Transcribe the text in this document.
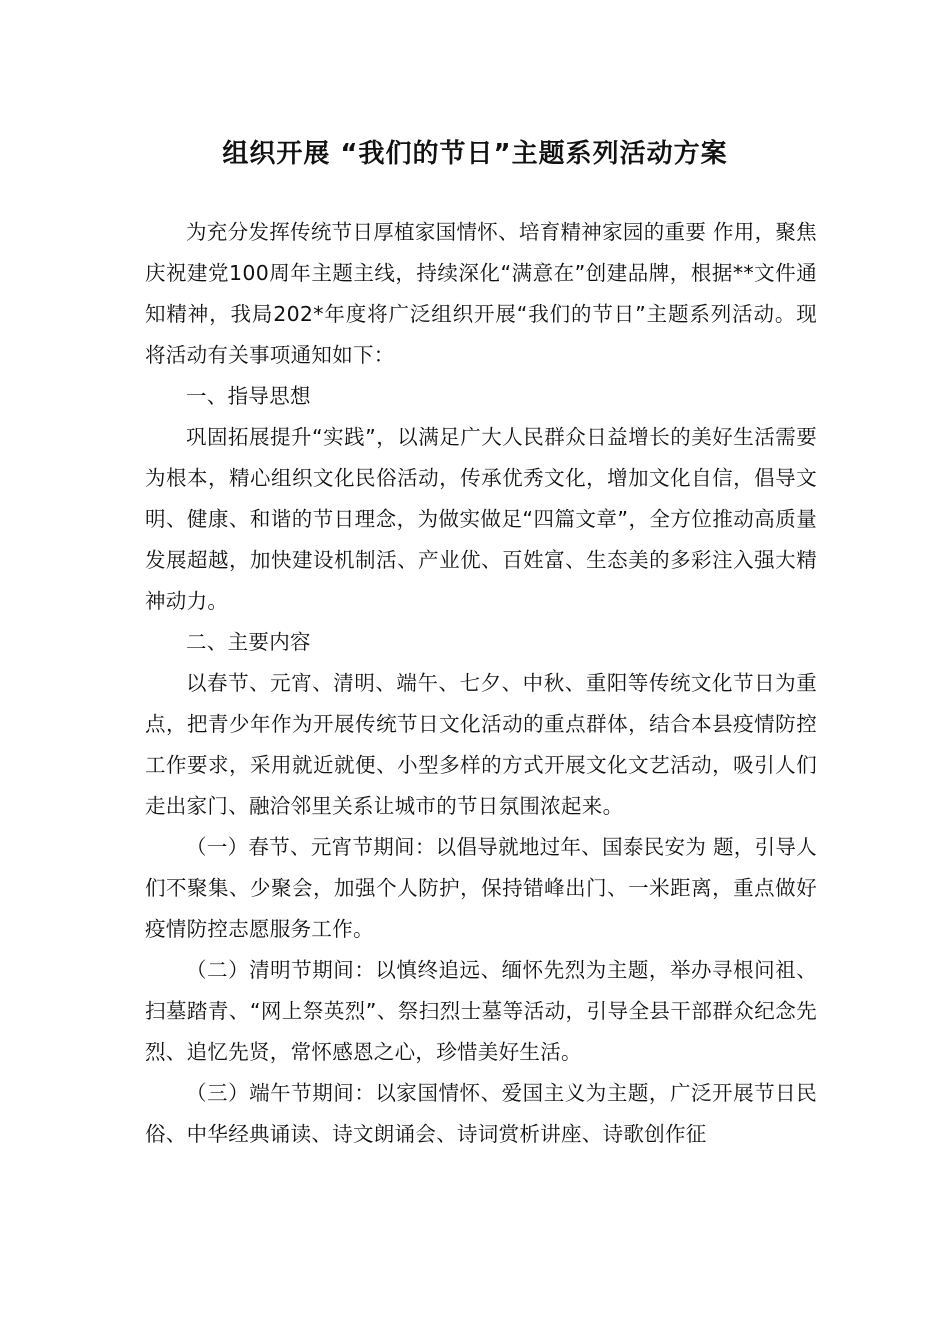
组织开展 “我们的节日”主题系列活动方案

为充分发挥传统节日厚植家国情怀、培育精神家园的重要 作用，聚焦庆祝建党100周年主题主线，持续深化“满意在”创建品牌，根据**文件通知精神，我局202*年度将广泛组织开展“我们的节日”主题系列活动。现将活动有关事项通知如下：

一、指导思想

巩固拓展提升“实践”，以满足广大人民群众日益增长的美好生活需要为根本，精心组织文化民俗活动，传承优秀文化，增加文化自信，倡导文明、健康、和谐的节日理念，为做实做足“四篇文章”，全方位推动高质量发展超越，加快建设机制活、产业优、百姓富、生态美的多彩注入强大精神动力。

二、主要内容

以春节、元宵、清明、端午、七夕、中秋、重阳等传统文化节日为重点，把青少年作为开展传统节日文化活动的重点群体，结合本县疫情防控工作要求，采用就近就便、小型多样的方式开展文化文艺活动，吸引人们走出家门、融洽邻里关系让城市的节日氛围浓起来。

（一）春节、元宵节期间：以倡导就地过年、国泰民安为 题，引导人们不聚集、少聚会，加强个人防护，保持错峰出门、一米距离，重点做好疫情防控志愿服务工作。

（二）清明节期间：以慎终追远、缅怀先烈为主题，举办寻根问祖、扫墓踏青、“网上祭英烈”、祭扫烈士墓等活动，引导全县干部群众纪念先烈、追忆先贤，常怀感恩之心，珍惜美好生活。

（三）端午节期间：以家国情怀、爱国主义为主题，广泛开展节日民俗、中华经典诵读、诗文朗诵会、诗词赏析讲座、诗歌创作征
